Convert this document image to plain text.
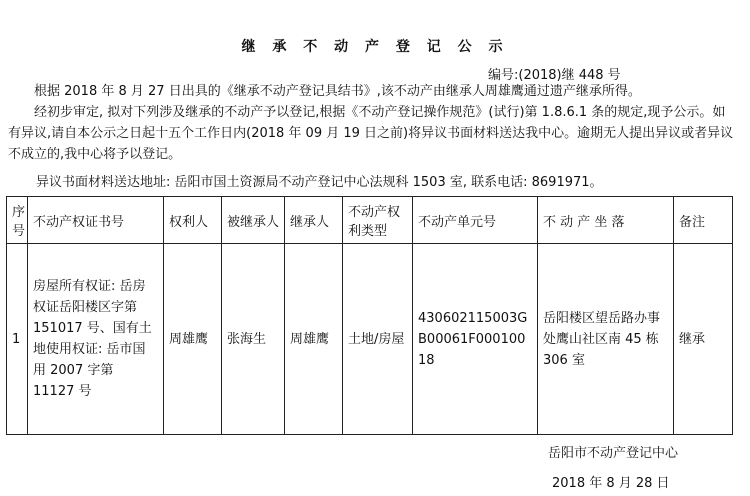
继 承 不 动 产 登 记 公 示
编号:(2018)继 448 号

根据 2018 年 8 月 27 日出具的《继承不动产登记具结书》,该不动产由继承人周雄鹰通过遗产继承所得。

经初步审定, 拟对下列涉及继承的不动产予以登记,根据《不动产登记操作规范》(试行)第 1.8.6.1 条的规定,现予公示。如有异议,请自本公示之日起十五个工作日内(2018 年 09 月 19 日之前)将异议书面材料送达我中心。逾期无人提出异议或者异议不成立的,我中心将予以登记。

异议书面材料送达地址: 岳阳市国土资源局不动产登记中心法规科 1503 室, 联系电话: 8691971。

序号	不动产权证书号	权利人	被继承人	继承人	不动产权利类型	不动产单元号	不 动 产 坐 落	备注
1	房屋所有权证: 岳房权证岳阳楼区字第 151017 号、国有土地使用权证: 岳市国用 2007 字第 11127 号	周雄鹰	张海生	周雄鹰	土地/房屋	430602115003GB00061F00010018	岳阳楼区望岳路办事处鹰山社区南 45 栋 306 室	继承
岳阳市不动产登记中心
2018 年 8 月 28 日
